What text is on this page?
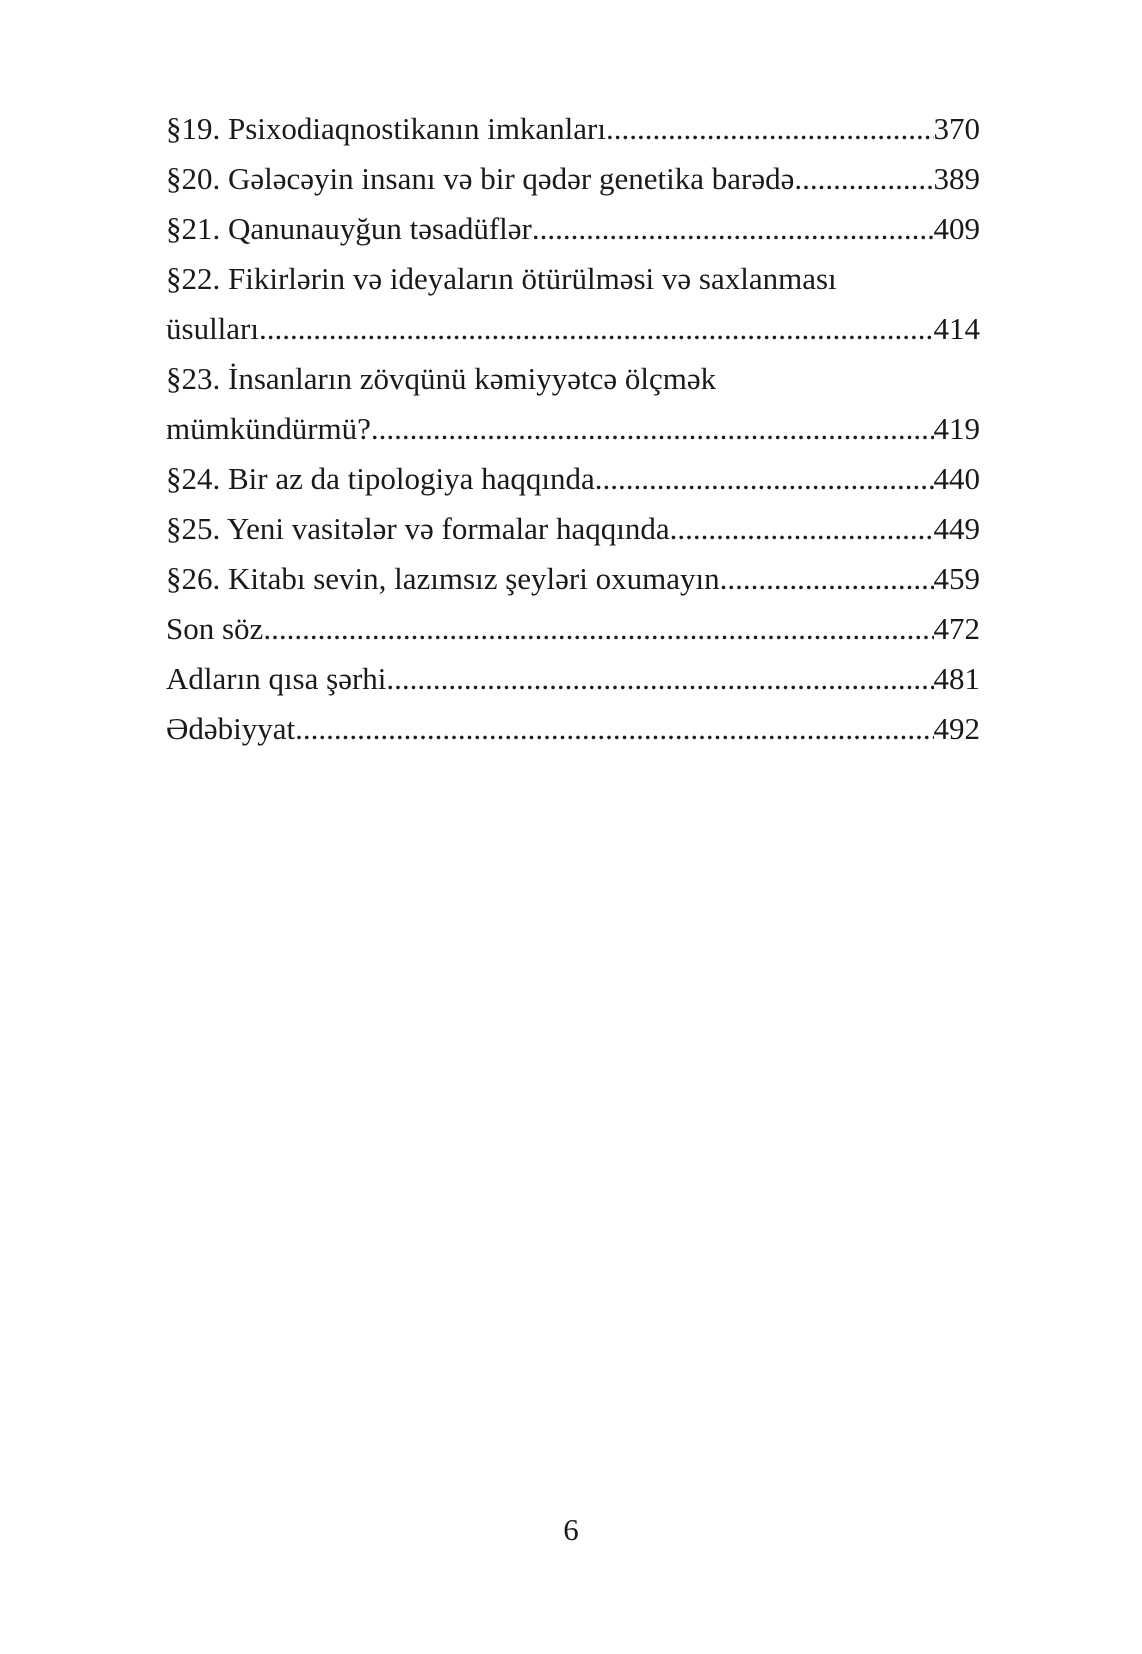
§19. Psixodiaqnostikanın imkanları .....	370
§20. Gələcəyin insanı və bir qədər genetika barədə .....	389
§21. Qanunauyğun təsadüflər .....	409
§22. Fikirlərin və ideyaların ötürülməsi və saxlanması
üsulları .....	414
§23. İnsanların zövqünü kəmiyyətcə ölçmək
mümkündürmü? .....	419
§24. Bir az da tipologiya haqqında .....	440
§25. Yeni vasitələr və formalar haqqında .....	449
§26. Kitabı sevin, lazımsız şeyləri oxumayın .....	459
Son söz .....	472
Adların qısa şərhi .....	481
Ədəbiyyat .....	492
6
